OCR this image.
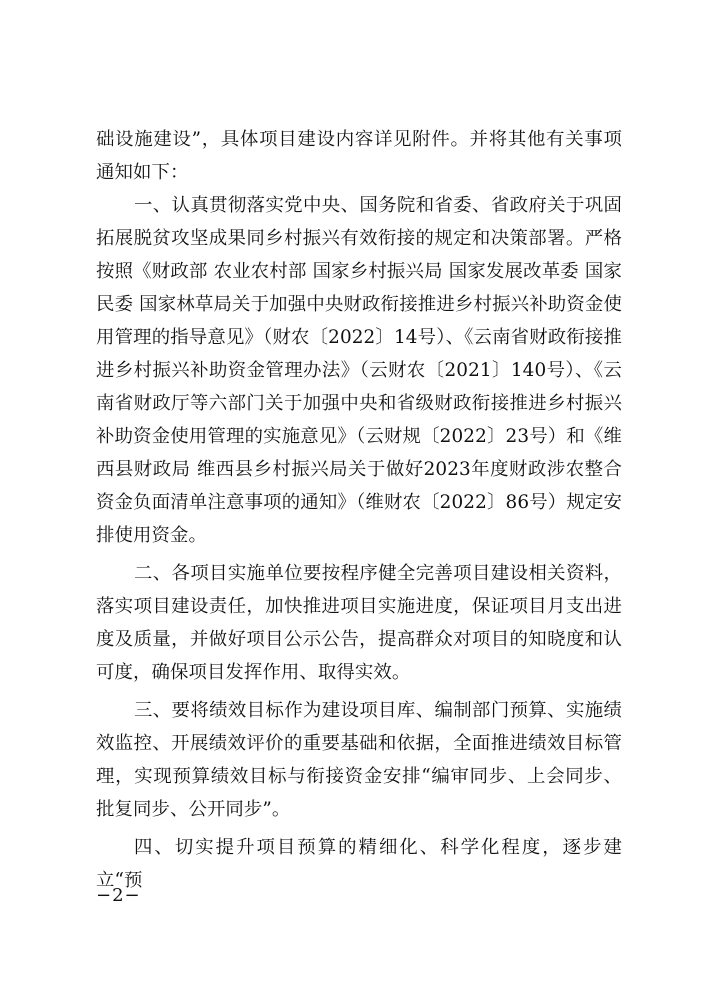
础设施建设”，具体项目建设内容详见附件。并将其他有关事项通知如下：

一、认真贯彻落实党中央、国务院和省委、省政府关于巩固拓展脱贫攻坚成果同乡村振兴有效衔接的规定和决策部署。严格按照《财政部 农业农村部 国家乡村振兴局 国家发展改革委 国家民委 国家林草局关于加强中央财政衔接推进乡村振兴补助资金使用管理的指导意见》（财农〔2022〕14号）、《云南省财政衔接推进乡村振兴补助资金管理办法》（云财农〔2021〕140号）、《云南省财政厅等六部门关于加强中央和省级财政衔接推进乡村振兴补助资金使用管理的实施意见》（云财规〔2022〕23号）和《维西县财政局 维西县乡村振兴局关于做好2023年度财政涉农整合资金负面清单注意事项的通知》（维财农〔2022〕86号）规定安排使用资金。

二、各项目实施单位要按程序健全完善项目建设相关资料，落实项目建设责任，加快推进项目实施进度，保证项目月支出进度及质量，并做好项目公示公告，提高群众对项目的知晓度和认可度，确保项目发挥作用、取得实效。

三、要将绩效目标作为建设项目库、编制部门预算、实施绩效监控、开展绩效评价的重要基础和依据，全面推进绩效目标管理，实现预算绩效目标与衔接资金安排“编审同步、上会同步、批复同步、公开同步”。

四、切实提升项目预算的精细化、科学化程度，逐步建立“预

−2−
